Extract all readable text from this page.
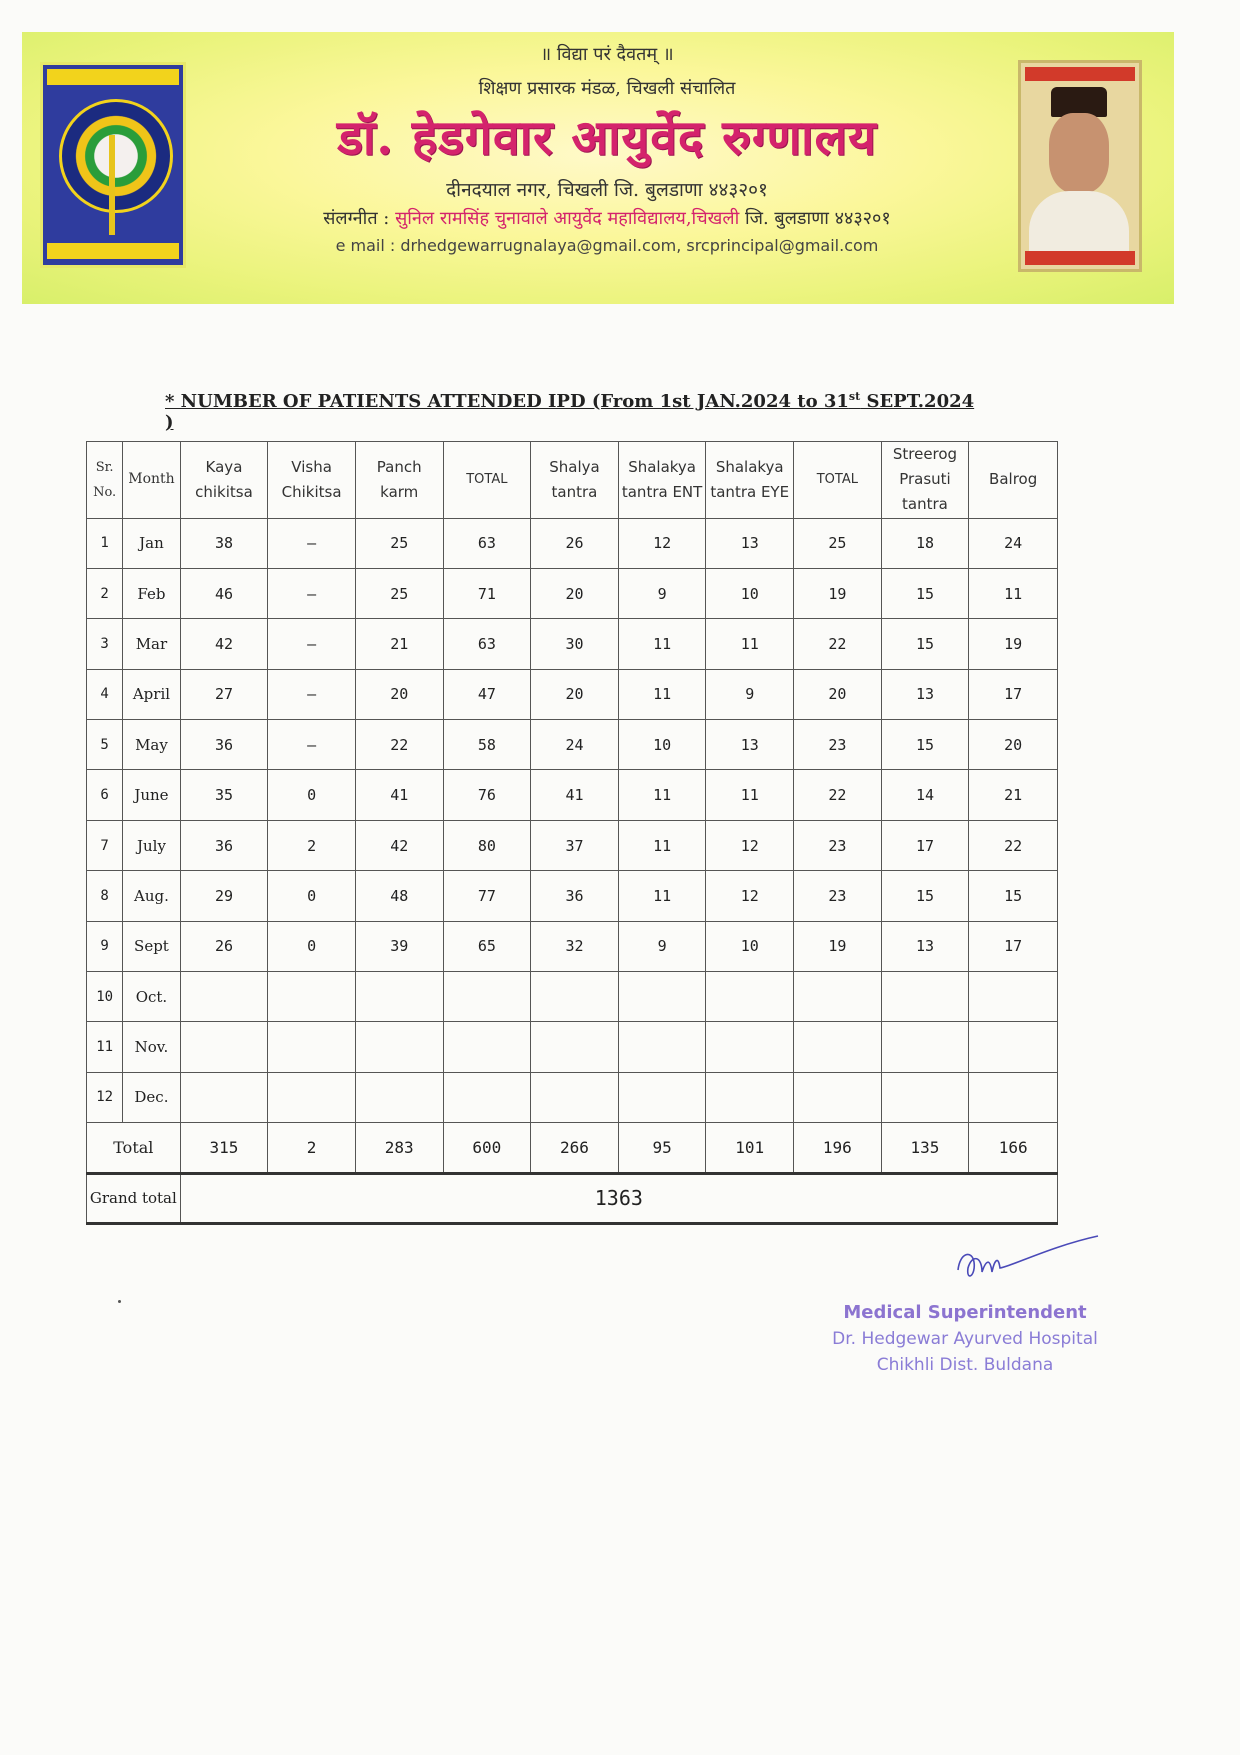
॥ विद्या परं दैवतम् ॥
शिक्षण प्रसारक मंडळ, चिखली संचालित
डॉ. हेडगेवार आयुर्वेद रुग्णालय
दीनदयाल नगर, चिखली जि. बुलडाणा ४४३२०१
संलग्नीत : सुनिल रामसिंह चुनावाले आयुर्वेद महाविद्यालय,चिखली जि. बुलडाणा ४४३२०१
e mail : drhedgewarrugnalaya@gmail.com, srcprincipal@gmail.com
* NUMBER OF PATIENTS ATTENDED IPD (From 1st JAN.2024 to 31st SEPT.2024 )
Sr. No.	Month	Kaya chikitsa	Visha Chikitsa	Panch karm	TOTAL	Shalya tantra	Shalakya tantra ENT	Shalakya tantra EYE	TOTAL	Streerog Prasuti tantra	Balrog
1	Jan	38	—	25	63	26	12	13	25	18	24
2	Feb	46	—	25	71	20	9	10	19	15	11
3	Mar	42	—	21	63	30	11	11	22	15	19
4	April	27	—	20	47	20	11	9	20	13	17
5	May	36	—	22	58	24	10	13	23	15	20
6	June	35	0	41	76	41	11	11	22	14	21
7	July	36	2	42	80	37	11	12	23	17	22
8	Aug.	29	0	48	77	36	11	12	23	15	15
9	Sept	26	0	39	65	32	9	10	19	13	17
10	Oct.										
11	Nov.										
12	Dec.										
Total		315	2	283	600	266	95	101	196	135	166
Grand total		1363									
Medical Superintendent
Dr. Hedgewar Ayurved Hospital
Chikhli Dist. Buldana
